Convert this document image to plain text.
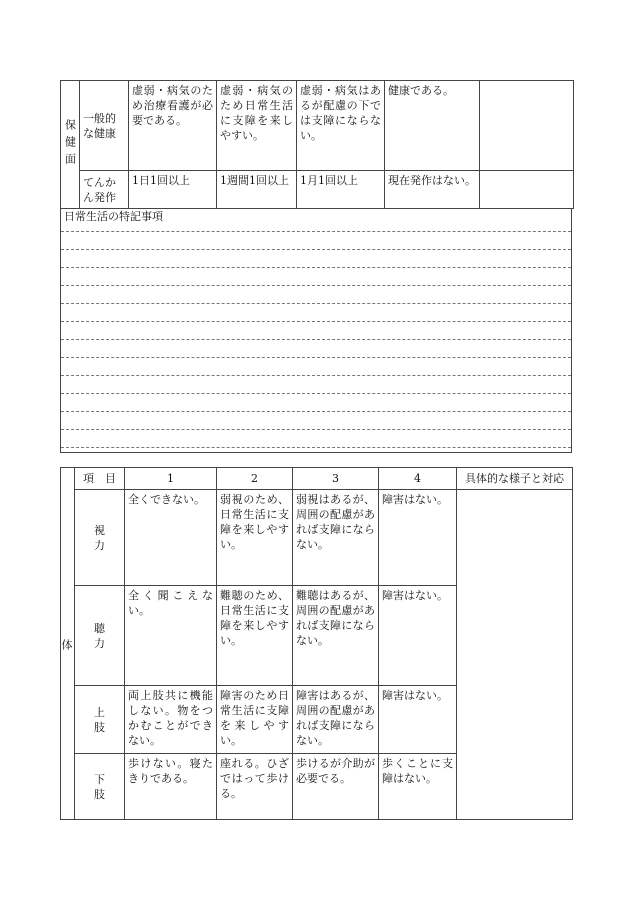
保健面	一般的な健康	虚弱・病気のため治療看護が必要である。	虚弱・病気のため日常生活に支障を来しやすい。	虚弱・病気はあるが配慮の下では支障にならない。	健康である。	
	てんかん発作	1日1回以上	1週間1回以上	1月1回以上	現在発作はない。	
日常生活の特記事項
体	項　目	1	2	3	4	具体的な様子と対応
	視　　力	全くできない。	弱視のため、日常生活に支障を来しやすい。	弱視はあるが、周囲の配慮があれば支障にならない。	障害はない。	
	聴　　力	全く聞こえない。	難聴のため、日常生活に支障を来しやすい。	難聴はあるが、周囲の配慮があれば支障にならない。	障害はない。	
	上　　肢	両上肢共に機能しない。物をつかむことができない。	障害のため日常生活に支障を来しやすい。	障害はあるが、周囲の配慮があれば支障にならない。	障害はない。	
	下　　肢	歩けない。寝たきりである。	座れる。ひざではって歩ける。	歩けるが介助が必要でる。	歩くことに支障はない。	
